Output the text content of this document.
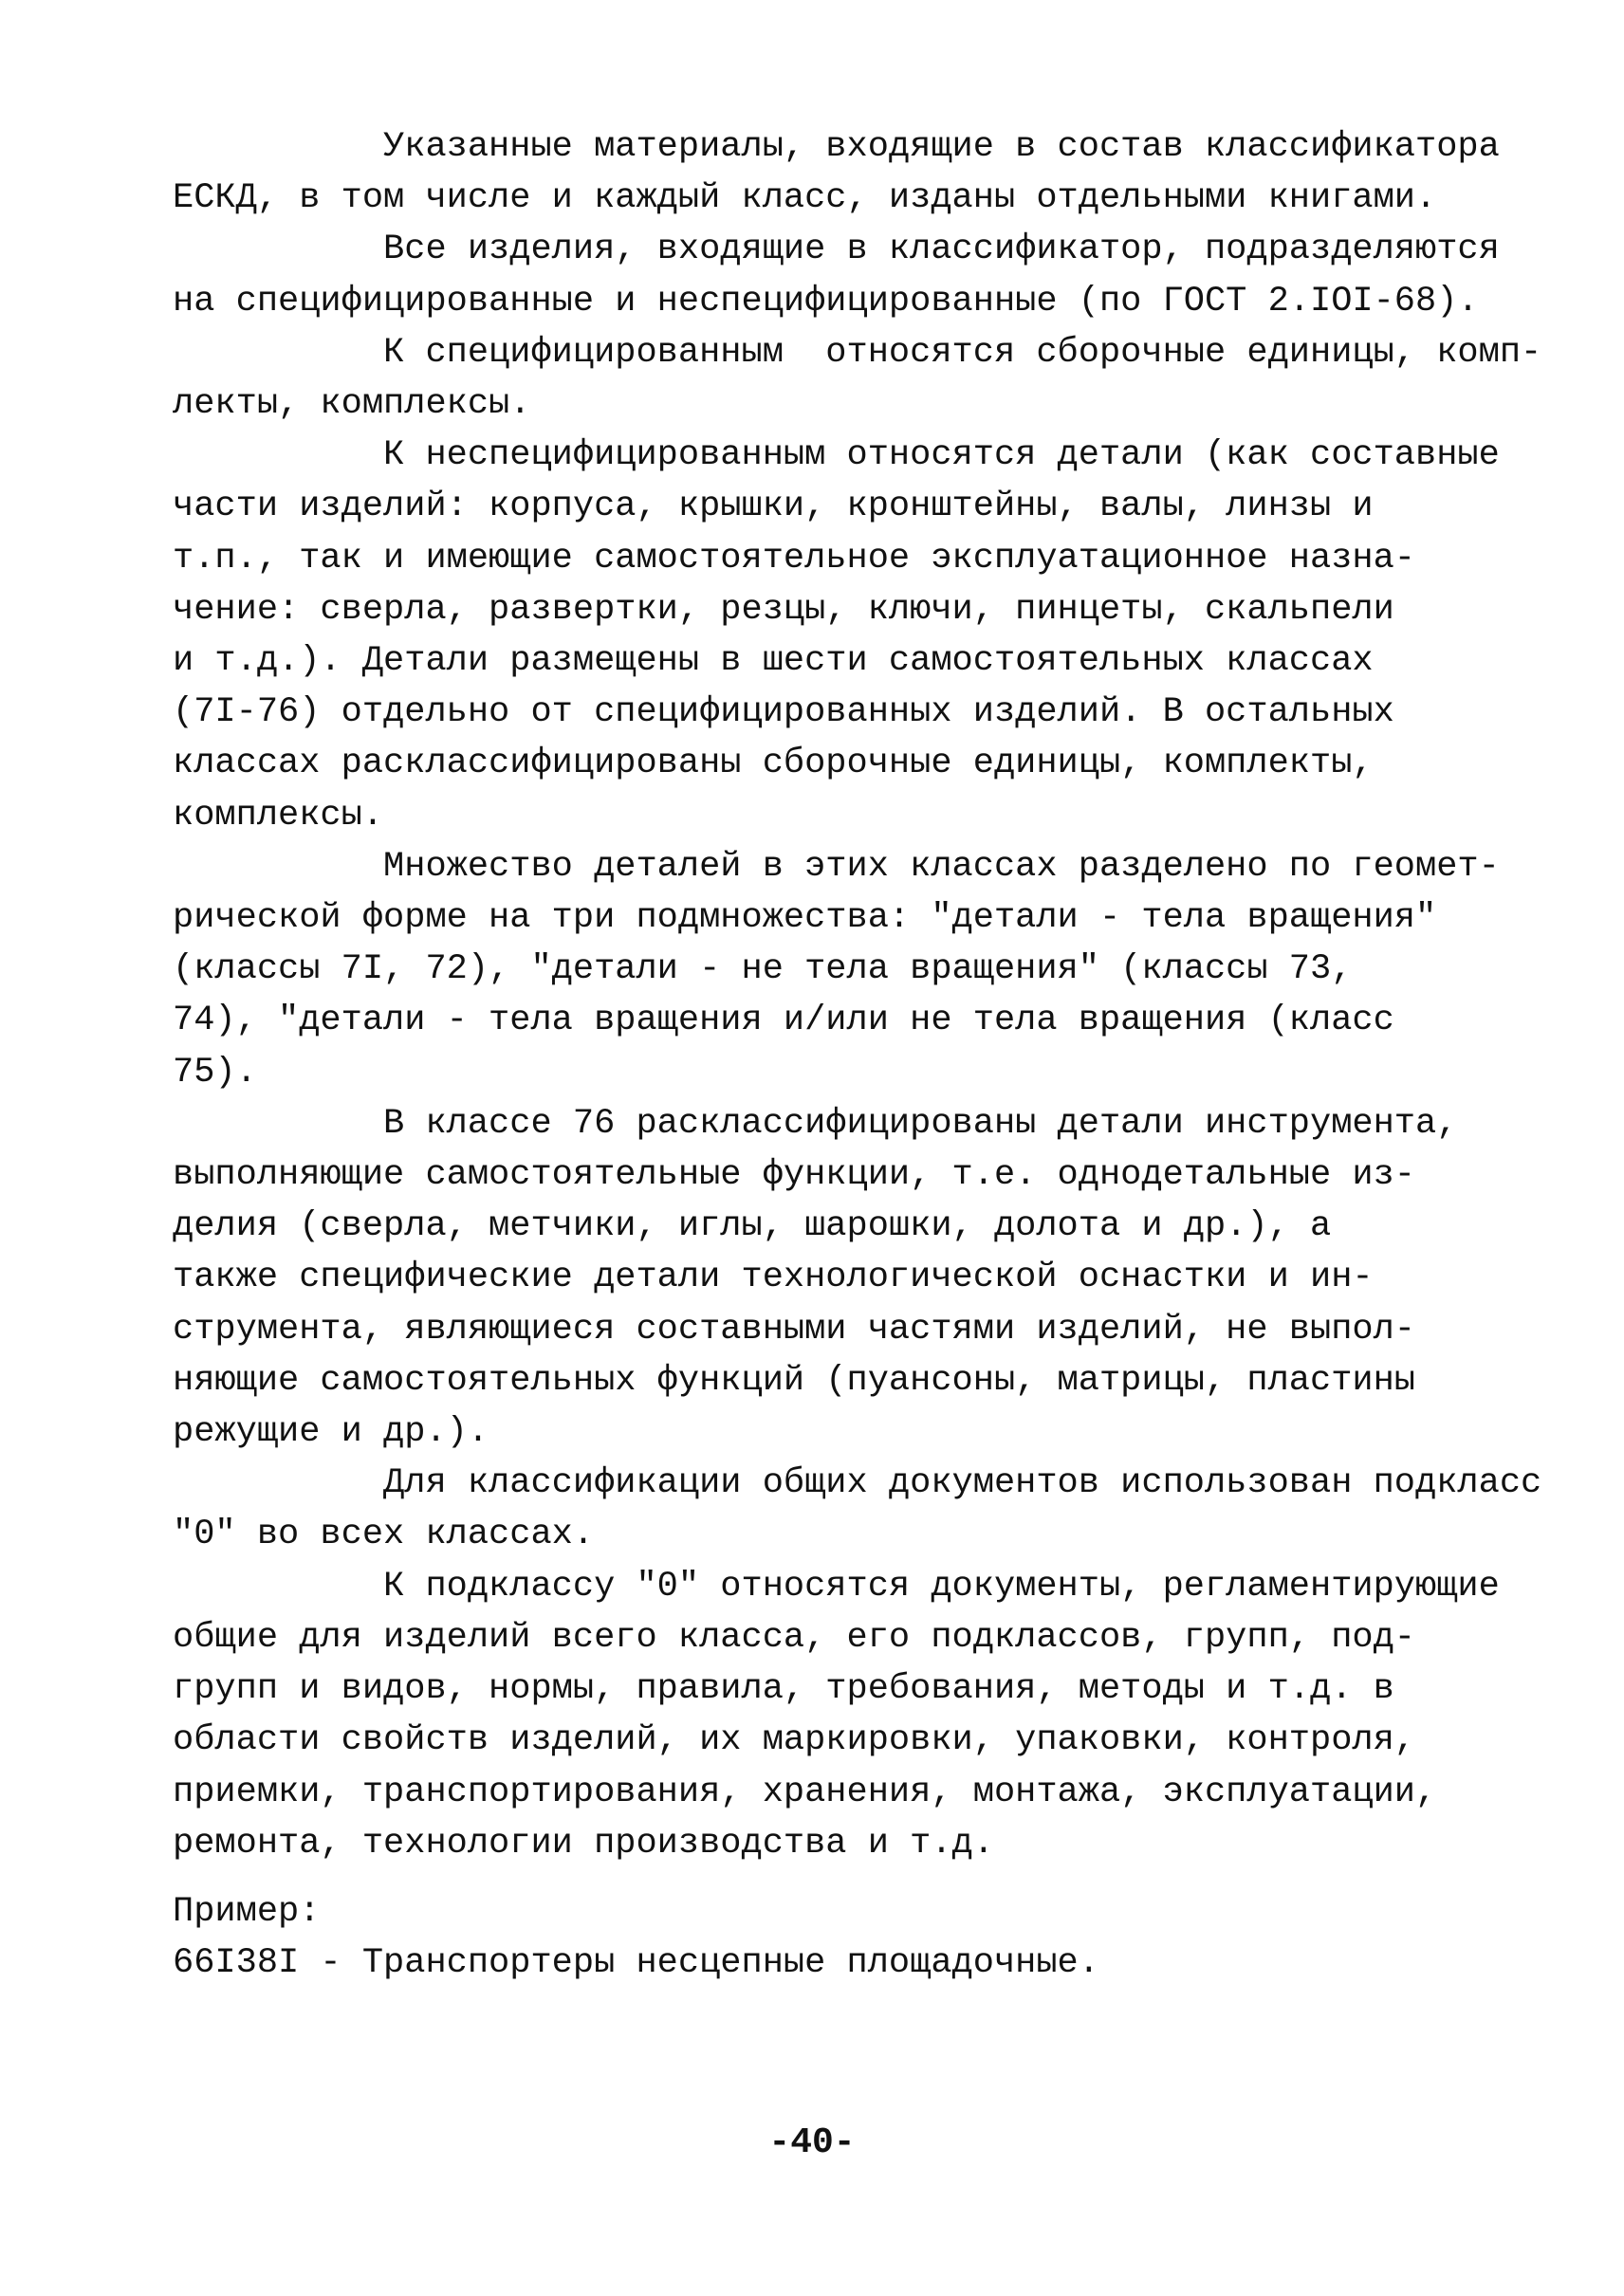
Указанные материалы, входящие в состав классификатора
ЕСКД, в том числе и каждый класс, изданы отдельными книгами.

Все изделия, входящие в классификатор, подразделяются
на специфицированные и неспецифицированные (по ГОСТ 2.IOI-68).

К специфицированным  относятся сборочные единицы, комп-
лекты, комплексы.

К неспецифицированным относятся детали (как составные
части изделий: корпуса, крышки, кронштейны, валы, линзы и
т.п., так и имеющие самостоятельное эксплуатационное назна-
чение: сверла, развертки, резцы, ключи, пинцеты, скальпели
и т.д.). Детали размещены в шести самостоятельных классах
(7I-76) отдельно от специфицированных изделий. В остальных
классах расклассифицированы сборочные единицы, комплекты,
комплексы.

Множество деталей в этих классах разделено по геомет-
рической форме на три подмножества: "детали - тела вращения"
(классы 7I, 72), "детали - не тела вращения" (классы 73,
74), "детали - тела вращения и/или не тела вращения (класс
75).

В классе 76 расклассифицированы детали инструмента,
выполняющие самостоятельные функции, т.е. однодетальные из-
делия (сверла, метчики, иглы, шарошки, долота и др.), а
также специфические детали технологической оснастки и ин-
струмента, являющиеся составными частями изделий, не выпол-
няющие самостоятельных функций (пуансоны, матрицы, пластины
режущие и др.).

Для классификации общих документов использован подкласс
"0" во всех классах.

К подклассу "0" относятся документы, регламентирующие
общие для изделий всего класса, его подклассов, групп, под-
групп и видов, нормы, правила, требования, методы и т.д. в
области свойств изделий, их маркировки, упаковки, контроля,
приемки, транспортирования, хранения, монтажа, эксплуатации,
ремонта, технологии производства и т.д.

Пример:
66I38I - Транспортеры несцепные площадочные.

-40-
